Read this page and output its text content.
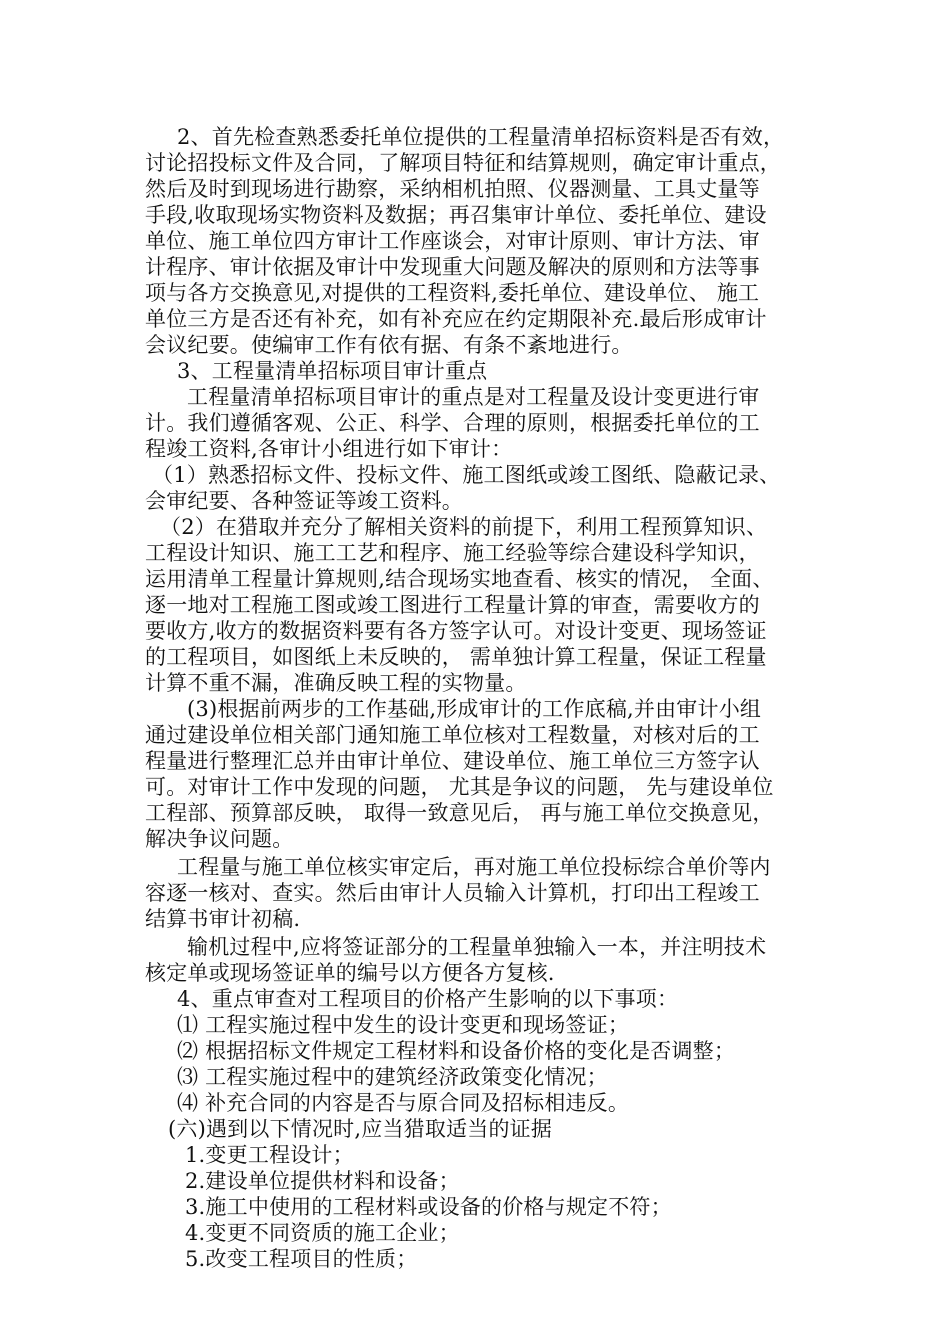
2、首先检查熟悉委托单位提供的工程量清单招标资料是否有效，
讨论招投标文件及合同，了解项目特征和结算规则，确定审计重点，
然后及时到现场进行勘察，采纳相机拍照、仪器测量、工具丈量等
手段,收取现场实物资料及数据；再召集审计单位、委托单位、建设
单位、施工单位四方审计工作座谈会，对审计原则、审计方法、审
计程序、审计依据及审计中发现重大问题及解决的原则和方法等事
项与各方交换意见,对提供的工程资料,委托单位、建设单位、 施工
单位三方是否还有补充，如有补充应在约定期限补充.最后形成审计
会议纪要。使编审工作有依有据、有条不紊地进行。
3、工程量清单招标项目审计重点
工程量清单招标项目审计的重点是对工程量及设计变更进行审
计。我们遵循客观、公正、科学、合理的原则，根据委托单位的工
程竣工资料,各审计小组进行如下审计：
（1）熟悉招标文件、投标文件、施工图纸或竣工图纸、隐蔽记录、
会审纪要、各种签证等竣工资料。
（2）在猎取并充分了解相关资料的前提下，利用工程预算知识、
工程设计知识、施工工艺和程序、施工经验等综合建设科学知识，
运用清单工程量计算规则,结合现场实地查看、核实的情况， 全面、
逐一地对工程施工图或竣工图进行工程量计算的审查，需要收方的
要收方,收方的数据资料要有各方签字认可。对设计变更、现场签证
的工程项目，如图纸上未反映的， 需单独计算工程量，保证工程量
计算不重不漏，准确反映工程的实物量。
(3)根据前两步的工作基础,形成审计的工作底稿,并由审计小组
通过建设单位相关部门通知施工单位核对工程数量，对核对后的工
程量进行整理汇总并由审计单位、建设单位、施工单位三方签字认
可。对审计工作中发现的问题， 尤其是争议的问题， 先与建设单位
工程部、预算部反映， 取得一致意见后， 再与施工单位交换意见，
解决争议问题。
工程量与施工单位核实审定后，再对施工单位投标综合单价等内
容逐一核对、查实。然后由审计人员输入计算机，打印出工程竣工
结算书审计初稿.
输机过程中,应将签证部分的工程量单独输入一本，并注明技术
核定单或现场签证单的编号以方便各方复核.
4、重点审查对工程项目的价格产生影响的以下事项：
⑴ 工程实施过程中发生的设计变更和现场签证；
⑵ 根据招标文件规定工程材料和设备价格的变化是否调整；
⑶ 工程实施过程中的建筑经济政策变化情况；
⑷ 补充合同的内容是否与原合同及招标相违反。
(六)遇到以下情况时,应当猎取适当的证据
1.变更工程设计；
2.建设单位提供材料和设备；
3.施工中使用的工程材料或设备的价格与规定不符；
4.变更不同资质的施工企业；
5.改变工程项目的性质；
